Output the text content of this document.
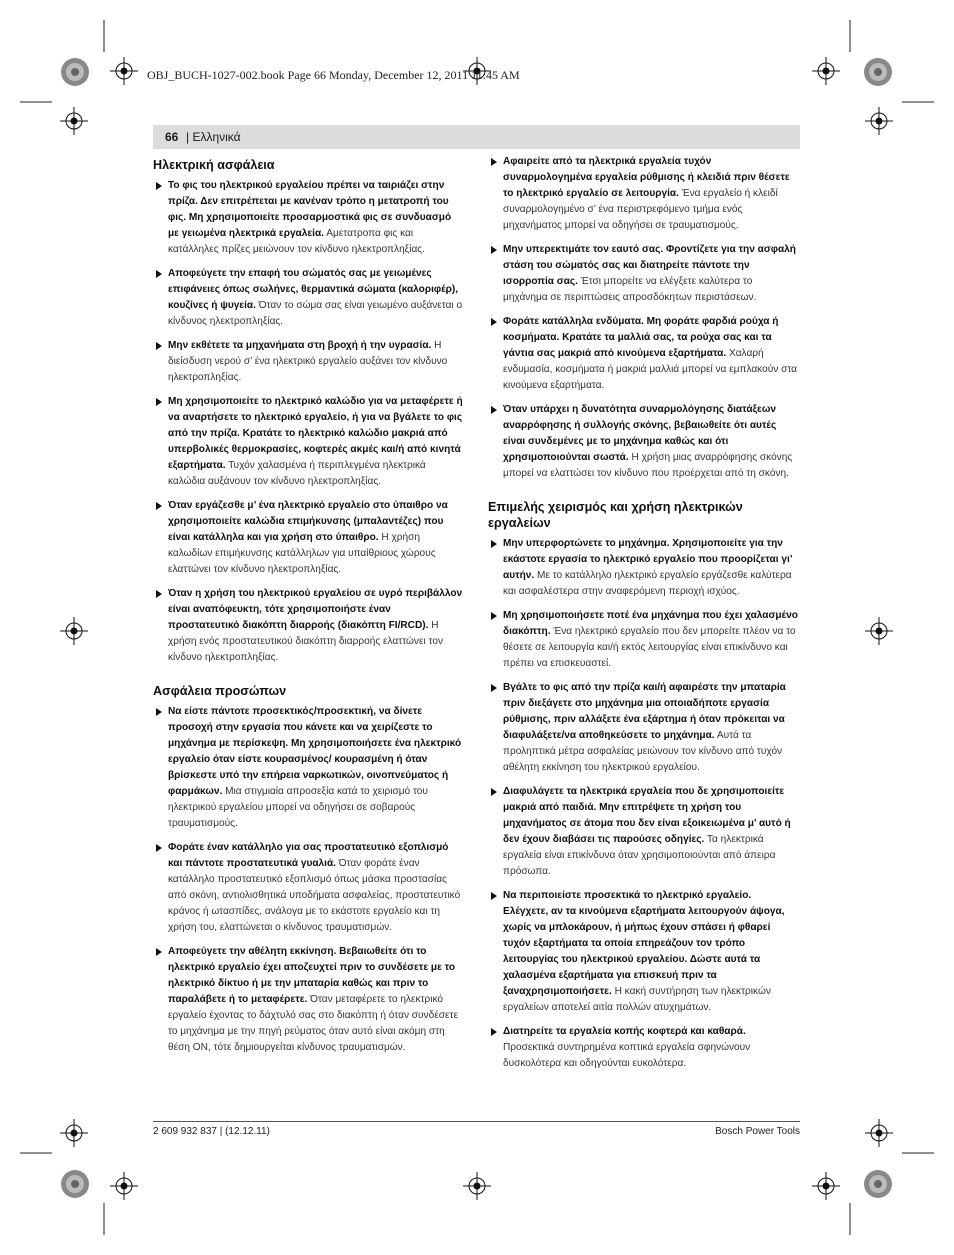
OBJ_BUCH-1027-002.book Page 66 Monday, December 12, 2011 11:45 AM
66 | Ελληνικά
Ηλεκτρική ασφάλεια
Το φις του ηλεκτρικού εργαλείου πρέπει να ταιριάζει στην πρίζα. Δεν επιτρέπεται με κανέναν τρόπο η μετατροπή του φις. Μη χρησιμοποιείτε προσαρμοστικά φις σε συνδυασμό με γειωμένα ηλεκτρικά εργαλεία. Αμετατροπα φις και κατάλληλες πρίζες μειώνουν τον κίνδυνο ηλεκτροπληξίας.
Αποφεύγετε την επαφή του σώματός σας με γειωμένες επιφάνειες όπως σωλήνες, θερμαντικά σώματα (καλοριφέρ), κουζίνες ή ψυγεία. Όταν το σώμα σας είναι γειωμένο αυξάνεται ο κίνδυνος ηλεκτροπληξίας.
Μην εκθέτετε τα μηχανήματα στη βροχή ή την υγρασία. Η διείσδυση νερού σ’ ένα ηλεκτρικό εργαλείο αυξάνει τον κίνδυνο ηλεκτροπληξίας.
Μη χρησιμοποιείτε το ηλεκτρικό καλώδιο για να μεταφέρετε ή να αναρτήσετε το ηλεκτρικό εργαλείο, ή για να βγάλετε το φις από την πρίζα. Κρατάτε το ηλεκτρικό καλώδιο μακριά από υπερβολικές θερμοκρασίες, κοφτερές ακμές και/ή από κινητά εξαρτήματα. Τυχόν χαλασμένα ή περιπλεγμένα ηλεκτρικά καλώδια αυξάνουν τον κίνδυνο ηλεκτροπληξίας.
Όταν εργάζεσθε μ’ ένα ηλεκτρικό εργαλείο στο ύπαιθρο να χρησιμοποιείτε καλώδια επιμήκυνσης (μπαλαντέζες) που είναι κατάλληλα και για χρήση στο ύπαιθρο. Η χρήση καλωδίων επιμήκυνσης κατάλληλων για υπαίθριους χώρους ελαττώνει τον κίνδυνο ηλεκτροπληξίας.
Όταν η χρήση του ηλεκτρικού εργαλείου σε υγρό περιβάλλον είναι αναπόφευκτη, τότε χρησιμοποιήστε έναν προστατευτικό διακόπτη διαρροής (διακόπτη FI/RCD). Η χρήση ενός προστατευτικού διακόπτη διαρροής ελαττώνει τον κίνδυνο ηλεκτροπληξίας.
Ασφάλεια προσώπων
Να είστε πάντοτε προσεκτικός/προσεκτική, να δίνετε προσοχή στην εργασία που κάνετε και να χειρίζεστε το μηχάνημα με περίσκεψη. Μη χρησιμοποιήσετε ένα ηλεκτρικό εργαλείο όταν είστε κουρασμένος/ κουρασμένη ή όταν βρίσκεστε υπό την επήρεια ναρκωτικών, οινοπνεύματος ή φαρμάκων. Μια στιγμιαία απροσεξία κατά το χειρισμό του ηλεκτρικού εργαλείου μπορεί να οδηγήσει σε σοβαρούς τραυματισμούς.
Φοράτε έναν κατάλληλο για σας προστατευτικό εξοπλισμό και πάντοτε προστατευτικά γυαλιά. Όταν φοράτε έναν κατάλληλο προστατευτικό εξοπλισμό όπως μάσκα προστασίας από σκόνη, αντιολισθητικά υποδήματα ασφαλείας, προστατευτικό κράνος ή ωτασπίδες, ανάλογα με το εκάστοτε εργαλείο και τη χρήση του, ελαττώνεται ο κίνδυνος τραυματισμών.
Αποφεύγετε την αθέλητη εκκίνηση. Βεβαιωθείτε ότι το ηλεκτρικό εργαλείο έχει αποζευχτεί πριν το συνδέσετε με το ηλεκτρικό δίκτυο ή με την μπαταρία καθώς και πριν το παραλάβετε ή το μεταφέρετε. Όταν μεταφέρετε το ηλεκτρικό εργαλείο έχοντας το δάχτυλό σας στο διακόπτη ή όταν συνδέσετε το μηχάνημα με την πηγή ρεύματος όταν αυτό είναι ακόμη στη θέση ON, τότε δημιουργείται κίνδυνος τραυματισμών.
Αφαιρείτε από τα ηλεκτρικά εργαλεία τυχόν συναρμολογημένα εργαλεία ρύθμισης ή κλειδιά πριν θέσετε το ηλεκτρικό εργαλείο σε λειτουργία. Ένα εργαλείο ή κλειδί συναρμολογημένο σ’ ένα περιστρεφόμενο τμήμα ενός μηχανήματος μπορεί να οδηγήσει σε τραυματισμούς.
Μην υπερεκτιμάτε τον εαυτό σας. Φροντίζετε για την ασφαλή στάση του σώματός σας και διατηρείτε πάντοτε την ισορροπία σας. Έτσι μπορείτε να ελέγξετε καλύτερα το μηχάνημα σε περιπτώσεις απροσδόκητων περιστάσεων.
Φοράτε κατάλληλα ενδύματα. Μη φοράτε φαρδιά ρούχα ή κοσμήματα. Κρατάτε τα μαλλιά σας, τα ρούχα σας και τα γάντια σας μακριά από κινούμενα εξαρτήματα. Χαλαρή ενδυμασία, κοσμήματα ή μακριά μαλλιά μπορεί να εμπλακούν στα κινούμενα εξαρτήματα.
Όταν υπάρχει η δυνατότητα συναρμολόγησης διατάξεων αναρρόφησης ή συλλογής σκόνης, βεβαιωθείτε ότι αυτές είναι συνδεμένες με το μηχάνημα καθώς και ότι χρησιμοποιούνται σωστά. Η χρήση μιας αναρρόφησης σκόνης μπορεί να ελαττώσει τον κίνδυνο που προέρχεται από τη σκόνη.
Επιμελής χειρισμός και χρήση ηλεκτρικών εργαλείων
Μην υπερφορτώνετε το μηχάνημα. Χρησιμοποιείτε για την εκάστοτε εργασία το ηλεκτρικό εργαλείο που προορίζεται γι’ αυτήν. Με το κατάλληλο ηλεκτρικό εργαλείο εργάζεσθε καλύτερα και ασφαλέστερα στην αναφερόμενη περιοχή ισχύος.
Μη χρησιμοποιήσετε ποτέ ένα μηχάνημα που έχει χαλασμένο διακόπτη. Ένα ηλεκτρικό εργαλείο που δεν μπορείτε πλέον να το θέσετε σε λειτουργία και/ή εκτός λειτουργίας είναι επικίνδυνο και πρέπει να επισκευαστεί.
Βγάλτε το φις από την πρίζα και/ή αφαιρέστε την μπαταρία πριν διεξάγετε στο μηχάνημα μια οποιαδήποτε εργασία ρύθμισης, πριν αλλάξετε ένα εξάρτημα ή όταν πρόκειται να διαφυλάξετε/να αποθηκεύσετε το μηχάνημα. Αυτά τα προληπτικά μέτρα ασφαλείας μειώνουν τον κίνδυνο από τυχόν αθέλητη εκκίνηση του ηλεκτρικού εργαλείου.
Διαφυλάγετε τα ηλεκτρικά εργαλεία που δε χρησιμοποιείτε μακριά από παιδιά. Μην επιτρέψετε τη χρήση του μηχανήματος σε άτομα που δεν είναι εξοικειωμένα μ’ αυτό ή δεν έχουν διαβάσει τις παρούσες οδηγίες. Τα ηλεκτρικά εργαλεία είναι επικίνδυνα όταν χρησιμοποιούνται από άπειρα πρόσωπα.
Να περιποιείστε προσεκτικά το ηλεκτρικό εργαλείο. Ελέγχετε, αν τα κινούμενα εξαρτήματα λειτουργούν άψογα, χωρίς να μπλοκάρουν, ή μήπως έχουν σπάσει ή φθαρεί τυχόν εξαρτήματα τα οποία επηρεάζουν τον τρόπο λειτουργίας του ηλεκτρικού εργαλείου. Δώστε αυτά τα χαλασμένα εξαρτήματα για επισκευή πριν τα ξαναχρησιμοποιήσετε. Η κακή συντήρηση των ηλεκτρικών εργαλείων αποτελεί αιτία πολλών ατυχημάτων.
Διατηρείτε τα εργαλεία κοπής κοφτερά και καθαρά. Προσεκτικά συντηρημένα κοπτικά εργαλεία σφηνώνουν δυσκολότερα και οδηγούνται ευκολότερα.
2 609 932 837 | (12.12.11)	Bosch Power Tools
